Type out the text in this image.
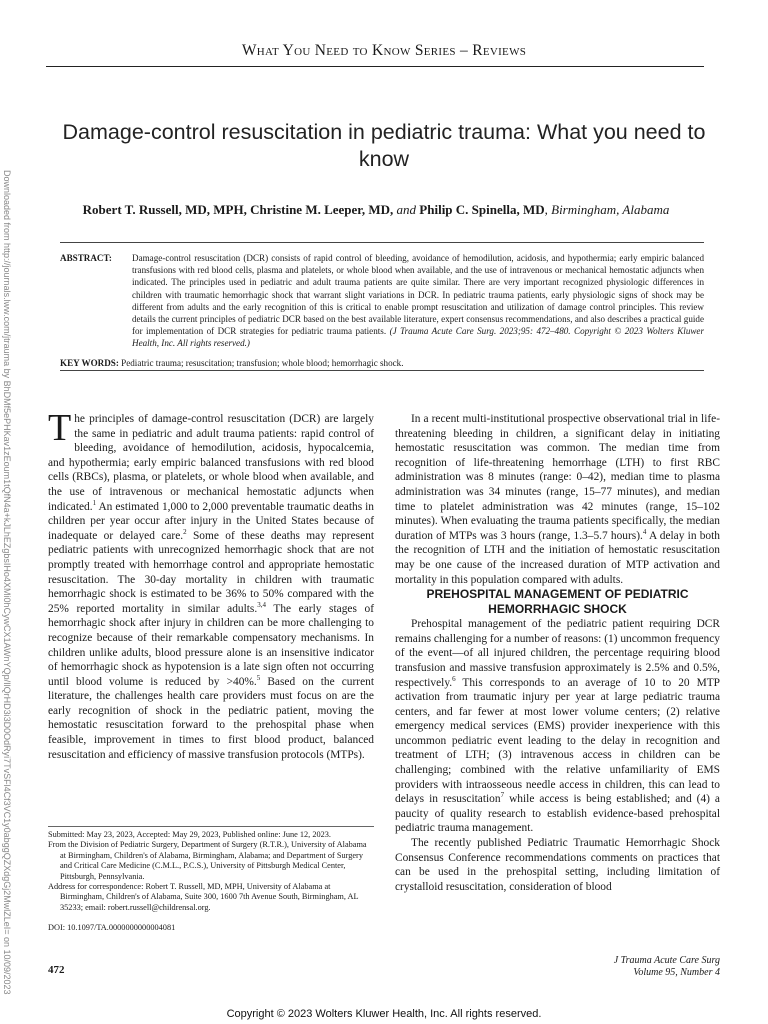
What You Need to Know Series – Reviews
Downloaded from http://journals.lww.com/jtrauma by BhDMf5ePHKav1zEoum1tQfN4a+kJLhEZgbsIHo4XMi0hCywCX1AWnYQp/IlQrHD3i3D0OdRyi7TvSFl4Cf3VC1y0abggQZXdgGj2MwlZLeI= on 10/09/2023
Damage-control resuscitation in pediatric trauma: What you need to know
Robert T. Russell, MD, MPH, Christine M. Leeper, MD, and Philip C. Spinella, MD, Birmingham, Alabama
ABSTRACT:	Damage-control resuscitation (DCR) consists of rapid control of bleeding, avoidance of hemodilution, acidosis, and hypothermia; early empiric balanced transfusions with red blood cells, plasma and platelets, or whole blood when available, and the use of intravenous or mechanical hemostatic adjuncts when indicated. The principles used in pediatric and adult trauma patients are quite similar. There are very important recognized physiologic differences in children with traumatic hemorrhagic shock that warrant slight variations in DCR. In pediatric trauma patients, early physiologic signs of shock may be different from adults and the early recognition of this is critical to enable prompt resuscitation and utilization of damage control principles. This review details the current principles of pediatric DCR based on the best available literature, expert consensus recommendations, and also describes a practical guide for implementation of DCR strategies for pediatric trauma patients. (J Trauma Acute Care Surg. 2023;95: 472–480. Copyright © 2023 Wolters Kluwer Health, Inc. All rights reserved.)
KEY WORDS: Pediatric trauma; resuscitation; transfusion; whole blood; hemorrhagic shock.

The principles of damage-control resuscitation (DCR) are largely the same in pediatric and adult trauma patients: rapid control of bleeding, avoidance of hemodilution, acidosis, hypocalcemia, and hypothermia; early empiric balanced transfusions with red blood cells (RBCs), plasma, or platelets, or whole blood when available, and the use of intravenous or mechanical hemostatic adjuncts when indicated.$^1$ An estimated 1,000 to 2,000 preventable traumatic deaths in children per year occur after injury in the United States because of inadequate or delayed care.$^2$ Some of these deaths may represent pediatric patients with unrecognized hemorrhagic shock that are not promptly treated with hemorrhage control and appropriate hemostatic resuscitation. The 30-day mortality in children with traumatic hemorrhagic shock is estimated to be 36% to 50% compared with the 25% reported mortality in similar adults.$^{3,4}$ The early stages of hemorrhagic shock after injury in children can be more challenging to recognize because of their remarkable compensatory mechanisms. In children unlike adults, blood pressure alone is an insensitive indicator of hemorrhagic shock as hypotension is a late sign often not occurring until blood volume is reduced by >40%.$^5$ Based on the current literature, the challenges health care providers must focus on are the early recognition of shock in the pediatric patient, moving the hemostatic resuscitation forward to the prehospital phase when feasible, improvement in times to first blood product, balanced resuscitation and efficiency of massive transfusion protocols (MTPs).

In a recent multi-institutional prospective observational trial in life-threatening bleeding in children, a significant delay in initiating hemostatic resuscitation was common. The median time from recognition of life-threatening hemorrhage (LTH) to first RBC administration was 8 minutes (range: 0–42), median time to plasma administration was 34 minutes (range, 15–77 minutes), and median time to platelet administration was 42 minutes (range, 15–102 minutes). When evaluating the trauma patients specifically, the median duration of MTPs was 3 hours (range, 1.3–5.7 hours).$^4$ A delay in both the recognition of LTH and the initiation of hemostatic resuscitation may be one cause of the increased duration of MTP activation and mortality in this population compared with adults.

PREHOSPITAL MANAGEMENT OF PEDIATRIC HEMORRHAGIC SHOCK

Prehospital management of the pediatric patient requiring DCR remains challenging for a number of reasons: (1) uncommon frequency of the event—of all injured children, the percentage requiring blood transfusion and massive transfusion approximately is 2.5% and 0.5%, respectively.$^6$ This corresponds to an average of 10 to 20 MTP activation from traumatic injury per year at large pediatric trauma centers, and far fewer at most lower volume centers; (2) relative emergency medical services (EMS) provider inexperience with this uncommon pediatric event leading to the delay in recognition and treatment of LTH; (3) intravenous access in children can be challenging; combined with the relative unfamiliarity of EMS providers with intraosseous needle access in children, this can lead to delays in resuscitation$^7$ while access is being established; and (4) a paucity of quality research to establish evidence-based prehospital pediatric trauma management.

The recently published Pediatric Traumatic Hemorrhagic Shock Consensus Conference recommendations comments on practices that can be used in the prehospital setting, including limitation of crystalloid resuscitation, consideration of blood

Submitted: May 23, 2023, Accepted: May 29, 2023, Published online: June 12, 2023.

From the Division of Pediatric Surgery, Department of Surgery (R.T.R.), University of Alabama at Birmingham, Children's of Alabama, Birmingham, Alabama; and Department of Surgery and Critical Care Medicine (C.M.L., P.C.S.), University of Pittsburgh Medical Center, Pittsburgh, Pennsylvania.

Address for correspondence: Robert T. Russell, MD, MPH, University of Alabama at Birmingham, Children's of Alabama, Suite 300, 1600 7th Avenue South, Birmingham, AL 35233; email: robert.russell@childrensal.org.

DOI: 10.1097/TA.0000000000004081

472
J Trauma Acute Care Surg
Volume 95, Number 4
Copyright © 2023 Wolters Kluwer Health, Inc. All rights reserved.
